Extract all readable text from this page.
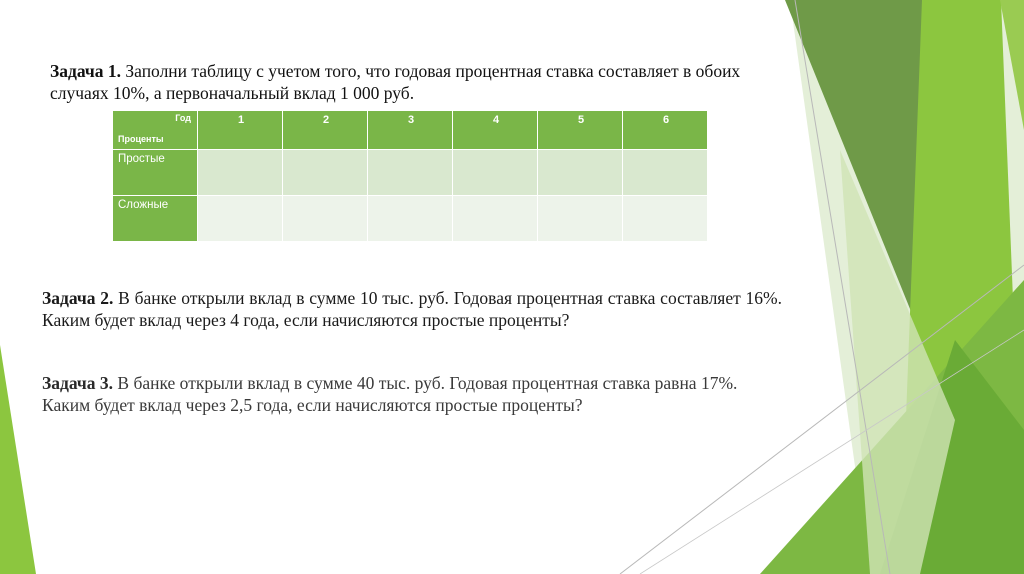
Задача 1. Заполни таблицу с учетом того, что годовая процентная ставка составляет в обоих случаях 10%, а первоначальный вклад 1 000 руб.
Год
Проценты	1	2	3	4	5	6
Простые						
Сложные						
Задача 2. В банке открыли вклад в сумме 10 тыс. руб. Годовая процентная ставка составляет 16%. Каким будет вклад через 4 года, если начисляются простые проценты?
Задача 3. В банке открыли вклад в сумме 40 тыс. руб. Годовая процентная ставка равна 17%. Каким будет вклад через 2,5 года, если начисляются простые проценты?
